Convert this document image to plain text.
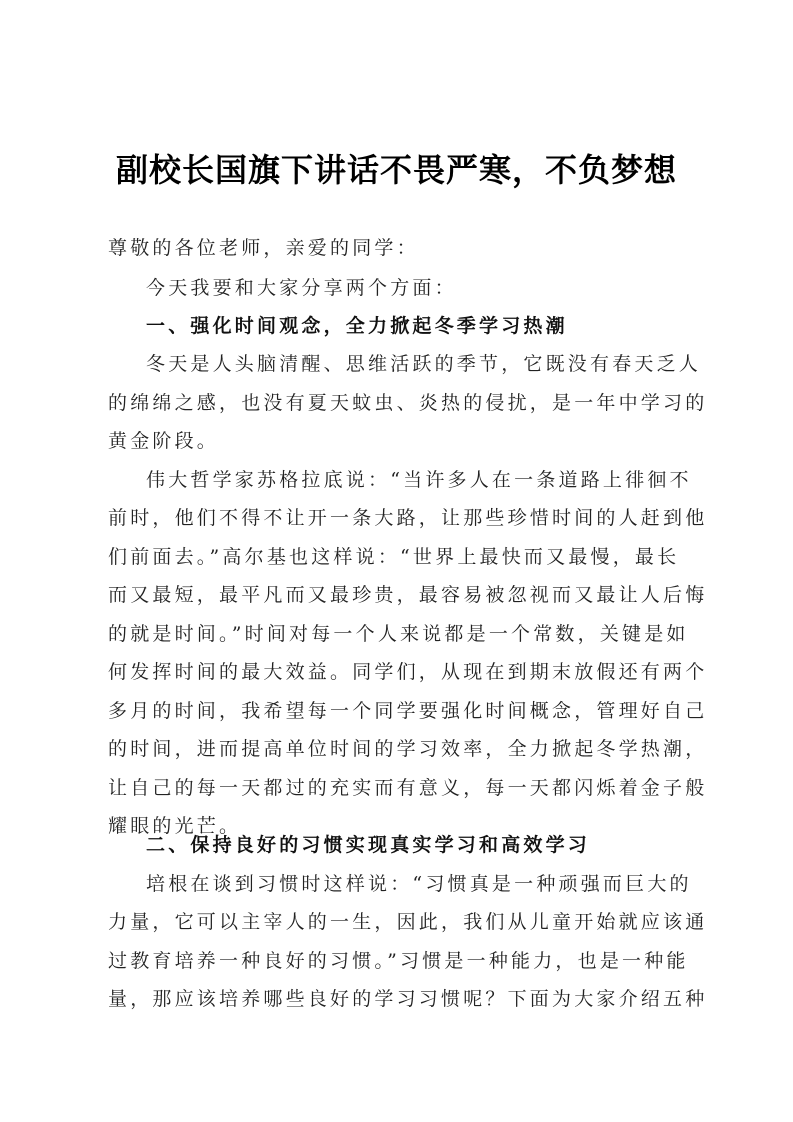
副校长国旗下讲话不畏严寒，不负梦想
尊敬的各位老师，亲爱的同学：
今天我要和大家分享两个方面：
一、强化时间观念，全力掀起冬季学习热潮
冬天是人头脑清醒、思维活跃的季节，它既没有春天乏人
的绵绵之感，也没有夏天蚊虫、炎热的侵扰，是一年中学习的
黄金阶段。
伟大哲学家苏格拉底说：“当许多人在一条道路上徘徊不
前时，他们不得不让开一条大路，让那些珍惜时间的人赶到他
们前面去。”高尔基也这样说：“世界上最快而又最慢，最长
而又最短，最平凡而又最珍贵，最容易被忽视而又最让人后悔
的就是时间。”时间对每一个人来说都是一个常数，关键是如
何发挥时间的最大效益。同学们，从现在到期末放假还有两个
多月的时间，我希望每一个同学要强化时间概念，管理好自己
的时间，进而提高单位时间的学习效率，全力掀起冬学热潮，
让自己的每一天都过的充实而有意义，每一天都闪烁着金子般
耀眼的光芒。
二、保持良好的习惯实现真实学习和高效学习
培根在谈到习惯时这样说：“习惯真是一种顽强而巨大的
力量，它可以主宰人的一生，因此，我们从儿童开始就应该通
过教育培养一种良好的习惯。”习惯是一种能力，也是一种能
量，那应该培养哪些良好的学习习惯呢？下面为大家介绍五种
